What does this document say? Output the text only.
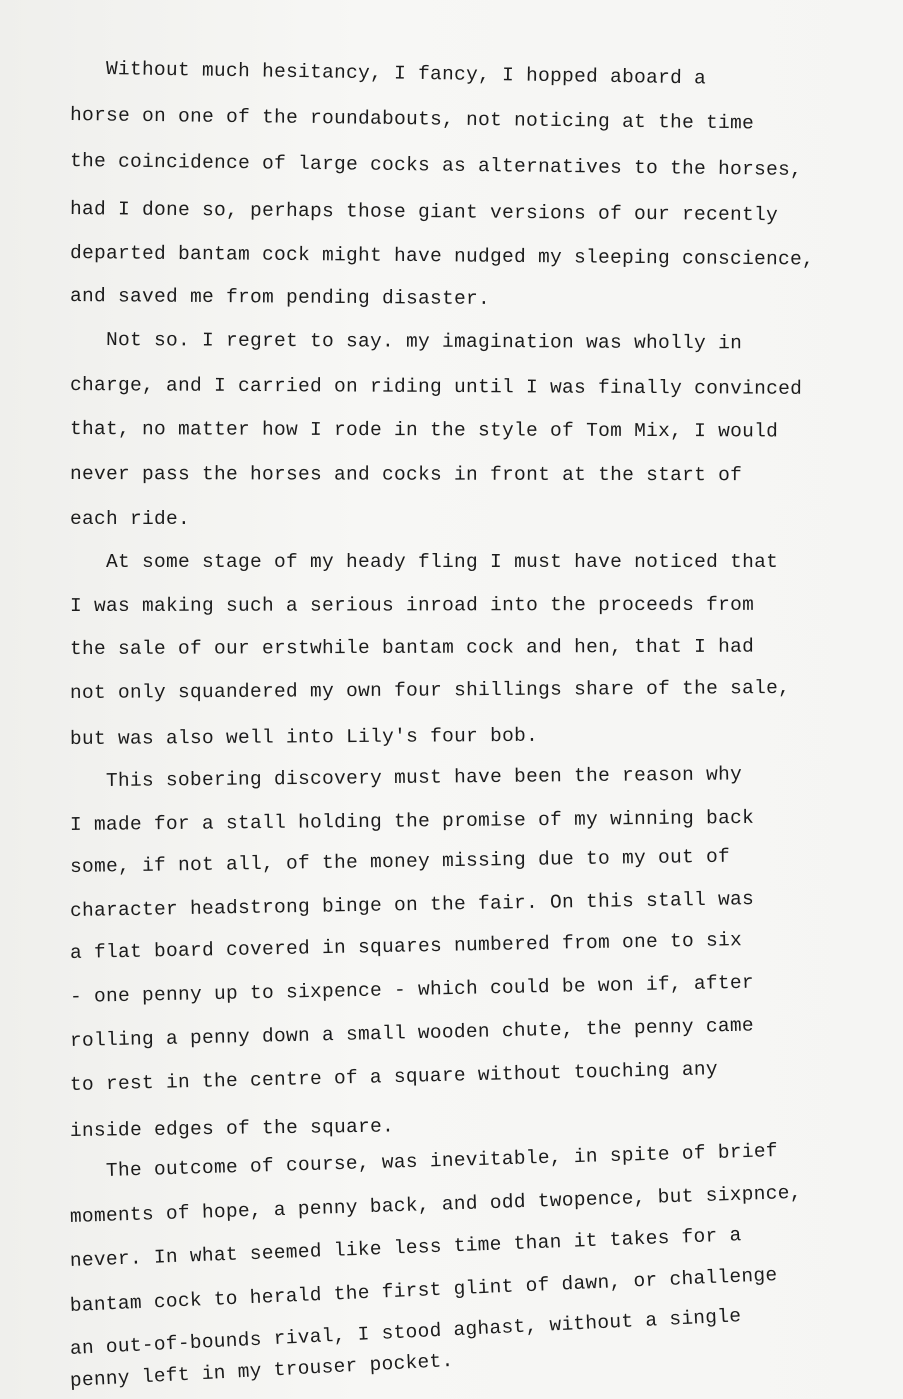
Without much hesitancy, I fancy, I hopped aboard a
horse on one of the roundabouts, not noticing at the time
the coincidence of large cocks as alternatives to the horses,
had I done so, perhaps those giant versions of our recently
departed bantam cock might have nudged my sleeping conscience,
and saved me from pending disaster.
Not so. I regret to say. my imagination was wholly in
charge, and I carried on riding until I was finally convinced
that, no matter how I rode in the style of Tom Mix, I would
never pass the horses and cocks in front at the start of
each ride.
At some stage of my heady fling I must have noticed that
I was making such a serious inroad into the proceeds from
the sale of our erstwhile bantam cock and hen, that I had
not only squandered my own four shillings share of the sale,
but was also well into Lily's four bob.
This sobering discovery must have been the reason why
I made for a stall holding the promise of my winning back
some, if not all, of the money missing due to my out of
character headstrong binge on the fair. On this stall was
a flat board covered in squares numbered from one to six
- one penny up to sixpence - which could be won if, after
rolling a penny down a small wooden chute, the penny came
to rest in the centre of a square without touching any
inside edges of the square.
The outcome of course, was inevitable, in spite of brief
moments of hope, a penny back, and odd twopence, but sixpnce,
never. In what seemed like less time than it takes for a
bantam cock to herald the first glint of dawn, or challenge
an out-of-bounds rival, I stood aghast, without a single
penny left in my trouser pocket.
